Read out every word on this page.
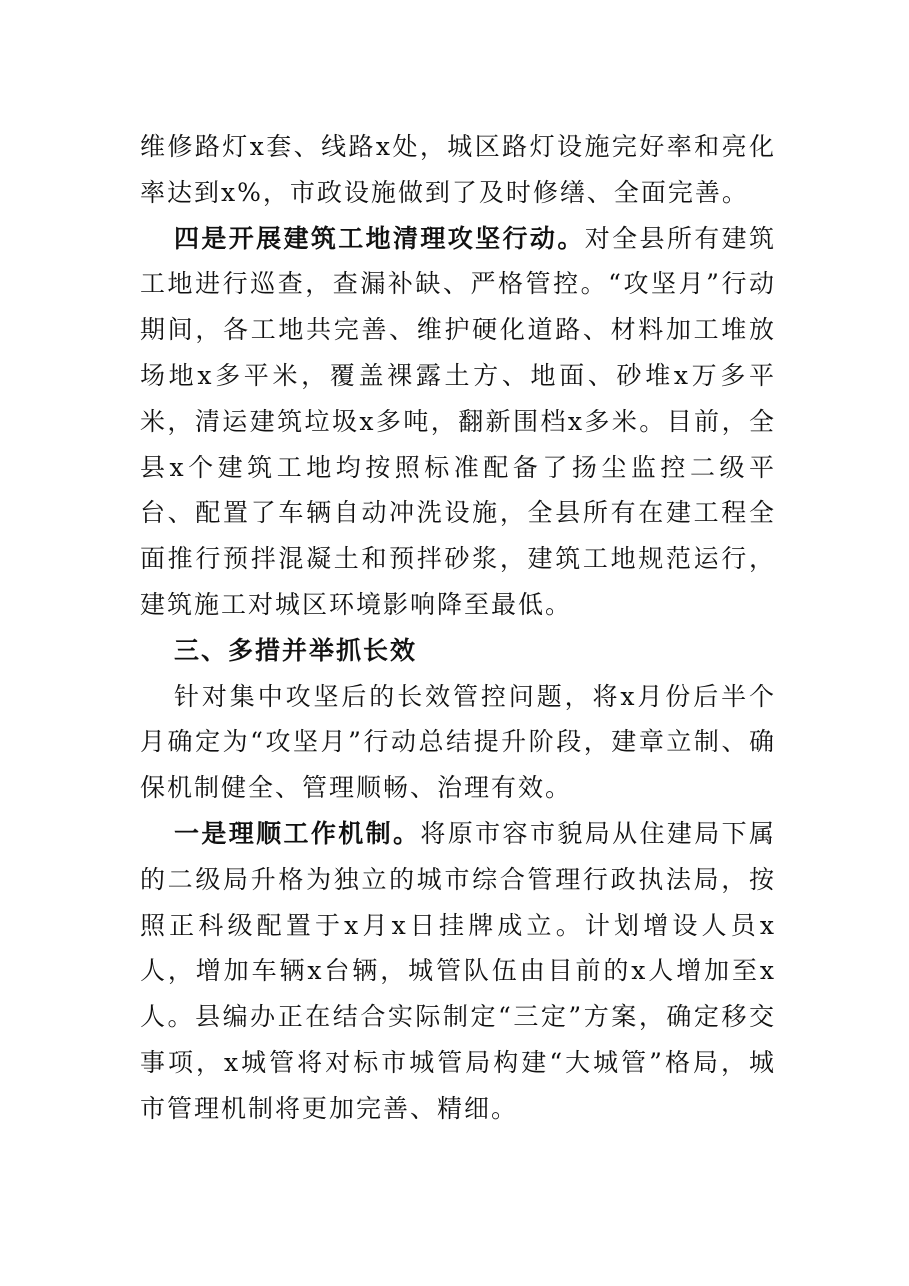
维修路灯x套、线路x处，城区路灯设施完好率和亮化率达到x%，市政设施做到了及时修缮、全面完善。

四是开展建筑工地清理攻坚行动。对全县所有建筑工地进行巡查，查漏补缺、严格管控。“攻坚月”行动期间，各工地共完善、维护硬化道路、材料加工堆放场地x多平米，覆盖裸露土方、地面、砂堆x万多平米，清运建筑垃圾x多吨，翻新围档x多米。目前，全县x个建筑工地均按照标准配备了扬尘监控二级平台、配置了车辆自动冲洗设施，全县所有在建工程全面推行预拌混凝土和预拌砂浆，建筑工地规范运行，建筑施工对城区环境影响降至最低。

三、多措并举抓长效

针对集中攻坚后的长效管控问题，将x月份后半个月确定为“攻坚月”行动总结提升阶段，建章立制、确保机制健全、管理顺畅、治理有效。

一是理顺工作机制。将原市容市貌局从住建局下属的二级局升格为独立的城市综合管理行政执法局，按照正科级配置于x月x日挂牌成立。计划增设人员x人，增加车辆x台辆，城管队伍由目前的x人增加至x人。县编办正在结合实际制定“三定”方案，确定移交事项，x城管将对标市城管局构建“大城管”格局，城市管理机制将更加完善、精细。
